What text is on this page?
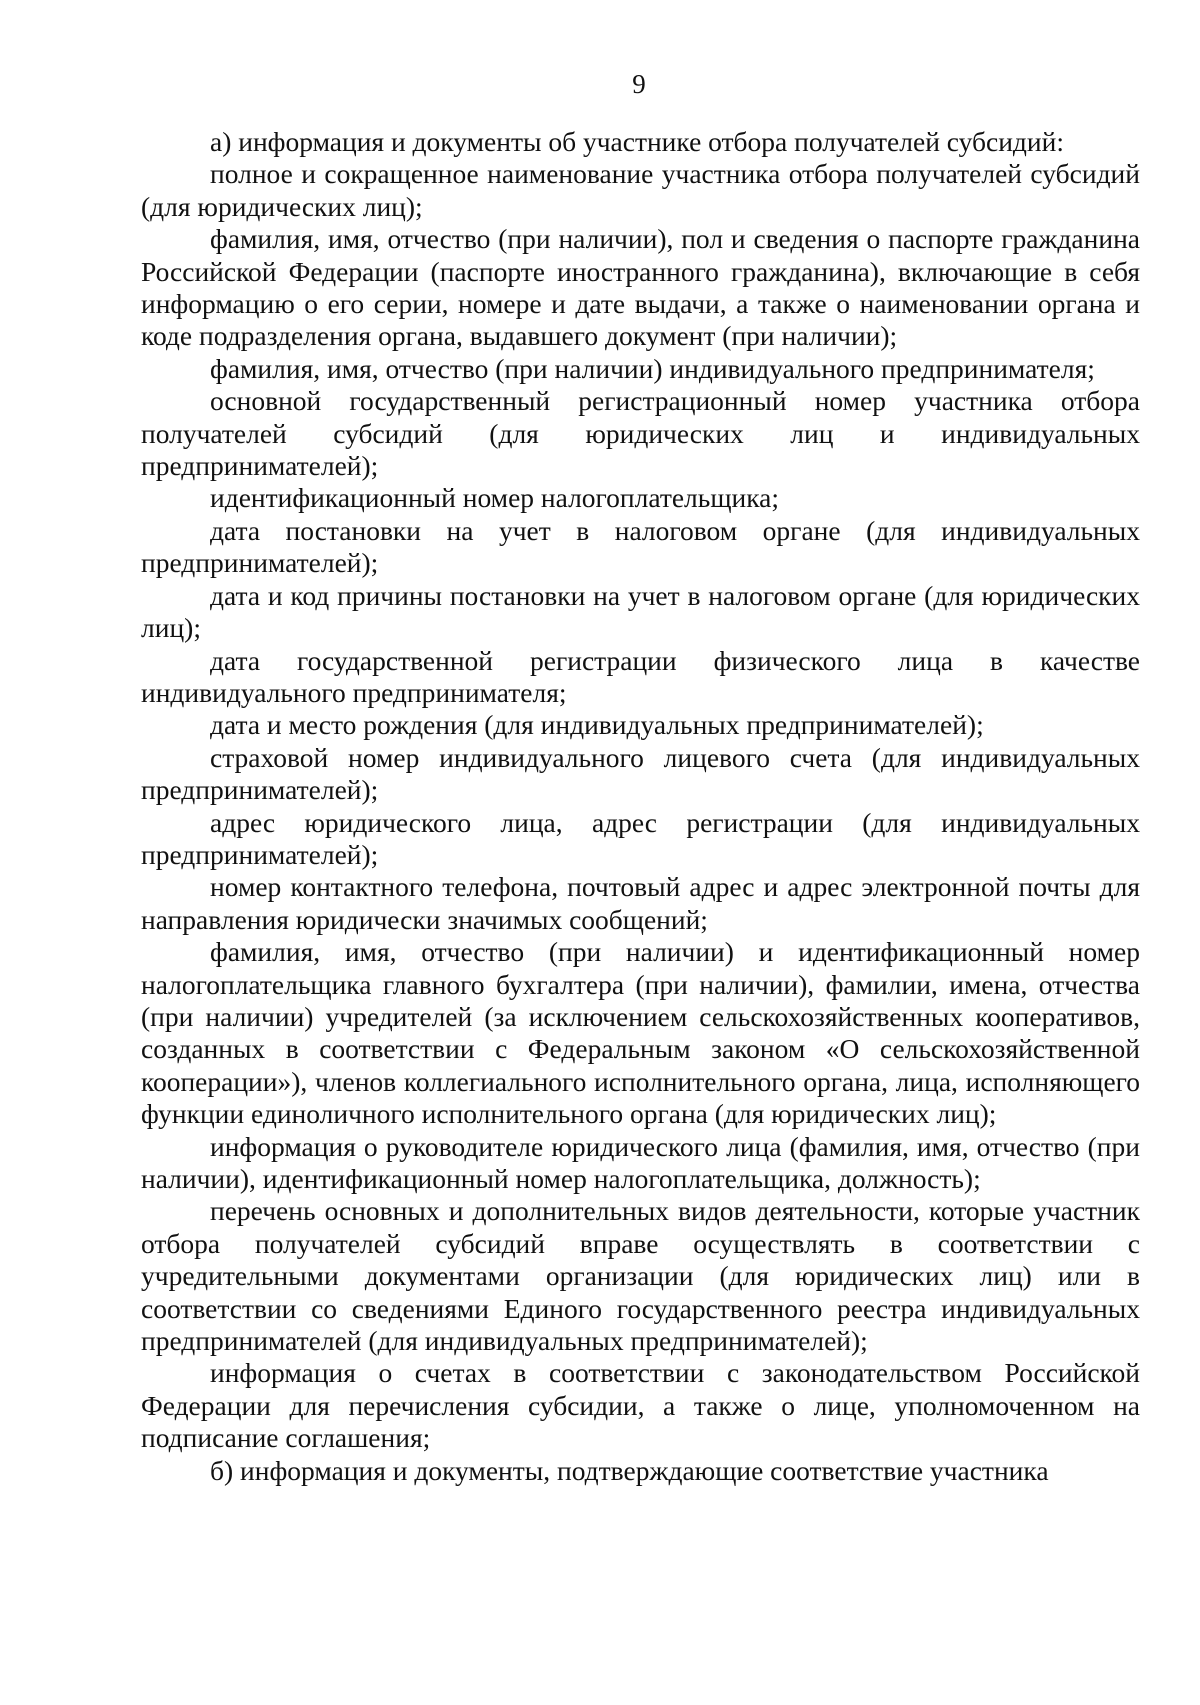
9

а) информация и документы об участнике отбора получателей субсидий:

полное и сокращенное наименование участника отбора получателей субсидий (для юридических лиц);

фамилия, имя, отчество (при наличии), пол и сведения о паспорте гражданина Российской Федерации (паспорте иностранного гражданина), включающие в себя информацию о его серии, номере и дате выдачи, а также о наименовании органа и коде подразделения органа, выдавшего документ (при наличии);

фамилия, имя, отчество (при наличии) индивидуального предпринимателя;

основной государственный регистрационный номер участника отбора получателей субсидий (для юридических лиц и индивидуальных предпринимателей);

идентификационный номер налогоплательщика;

дата постановки на учет в налоговом органе (для индивидуальных предпринимателей);

дата и код причины постановки на учет в налоговом органе (для юридических лиц);

дата государственной регистрации физического лица в качестве индивидуального предпринимателя;

дата и место рождения (для индивидуальных предпринимателей);

страховой номер индивидуального лицевого счета (для индивидуальных предпринимателей);

адрес юридического лица, адрес регистрации (для индивидуальных предпринимателей);

номер контактного телефона, почтовый адрес и адрес электронной почты для направления юридически значимых сообщений;

фамилия, имя, отчество (при наличии) и идентификационный номер налогоплательщика главного бухгалтера (при наличии), фамилии, имена, отчества (при наличии) учредителей (за исключением сельскохозяйственных кооперативов, созданных в соответствии с Федеральным законом «О сельскохозяйственной кооперации»), членов коллегиального исполнительного органа, лица, исполняющего функции единоличного исполнительного органа (для юридических лиц);

информация о руководителе юридического лица (фамилия, имя, отчество (при наличии), идентификационный номер налогоплательщика, должность);

перечень основных и дополнительных видов деятельности, которые участник отбора получателей субсидий вправе осуществлять в соответствии с учредительными документами организации (для юридических лиц) или в соответствии со сведениями Единого государственного реестра индивидуальных предпринимателей (для индивидуальных предпринимателей);

информация о счетах в соответствии с законодательством Российской Федерации для перечисления субсидии, а также о лице, уполномоченном на подписание соглашения;

б) информация и документы, подтверждающие соответствие участника
